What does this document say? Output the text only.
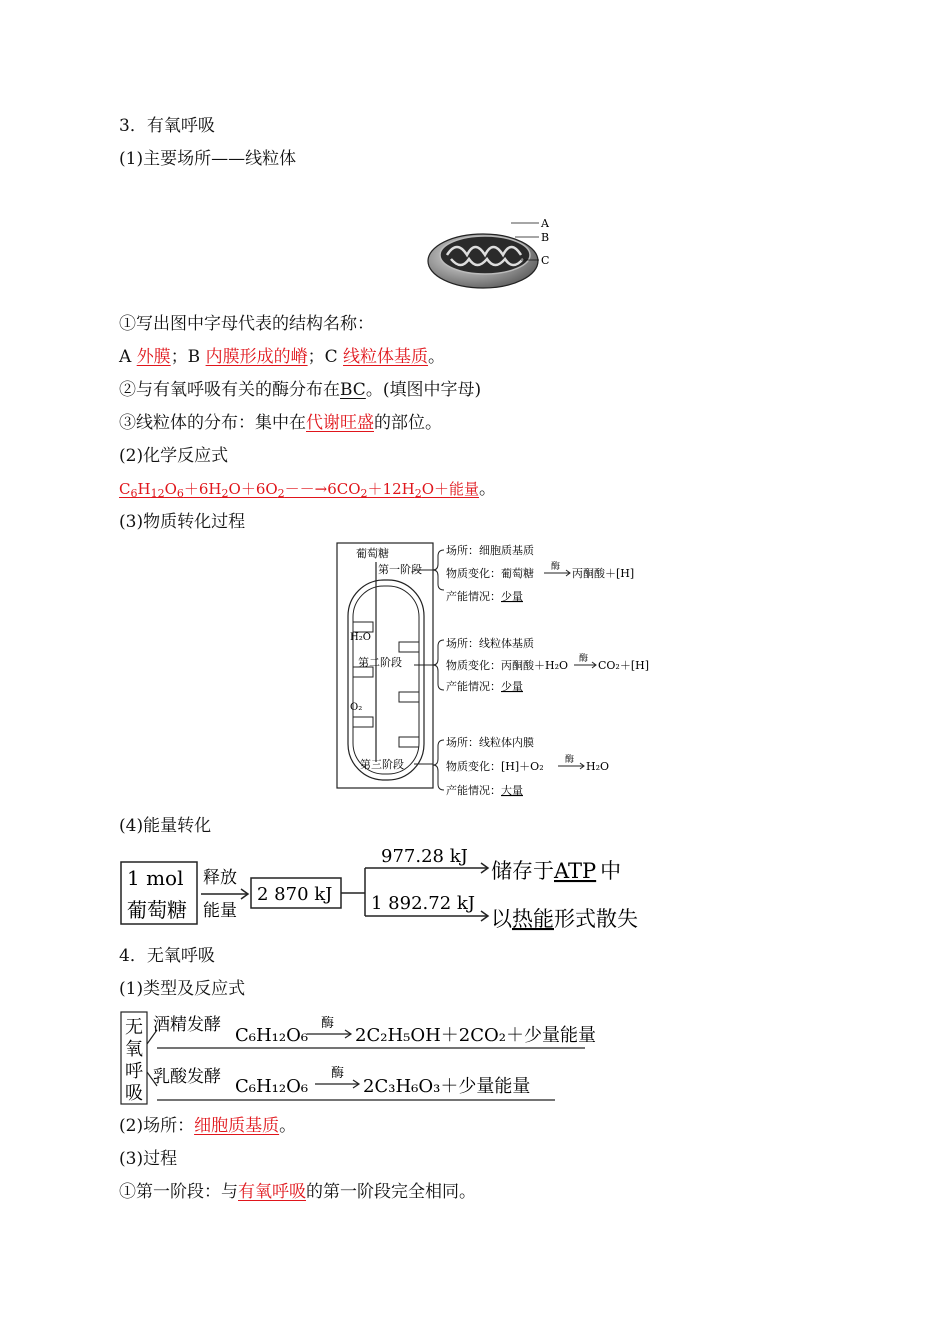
3．有氧呼吸
(1)主要场所——线粒体
A
B
C
①写出图中字母代表的结构名称：
A 外膜；B 内膜形成的嵴；C 线粒体基质。
②与有氧呼吸有关的酶分布在BC。(填图中字母)
③线粒体的分布：集中在代谢旺盛的部位。
(2)化学反应式
$C_6H_{12}O_6+6H_2O+6O_2--\to 6CO_2+12H_2O+$能量。
(3)物质转化过程
葡萄糖
第一阶段
H₂O
第二阶段
O₂
第三阶段
场所：细胞质基质
物质变化：葡萄糖 酶 丙酮酸＋[H]
产能情况：少量
场所：线粒体基质
物质变化：丙酮酸＋H₂O 酶 CO₂＋[H]
产能情况：少量
场所：线粒体内膜
物质变化：[H]＋O₂ 酶 H₂O
产能情况：大量
(4)能量转化
1 mol
葡萄糖
释放
能量
2 870 kJ
977.28 kJ
1 892.72 kJ
储存于ATP 中
以热能形式散失
4．无氧呼吸
(1)类型及反应式
无
氧
呼
吸
酒精发酵 C₆H₁₂O₆
酶
2C₂H₅OH＋2CO₂＋少量能量
乳酸发酵 C₆H₁₂O₆
酶
2C₃H₆O₃＋少量能量
(2)场所：细胞质基质。
(3)过程
①第一阶段：与有氧呼吸的第一阶段完全相同。
